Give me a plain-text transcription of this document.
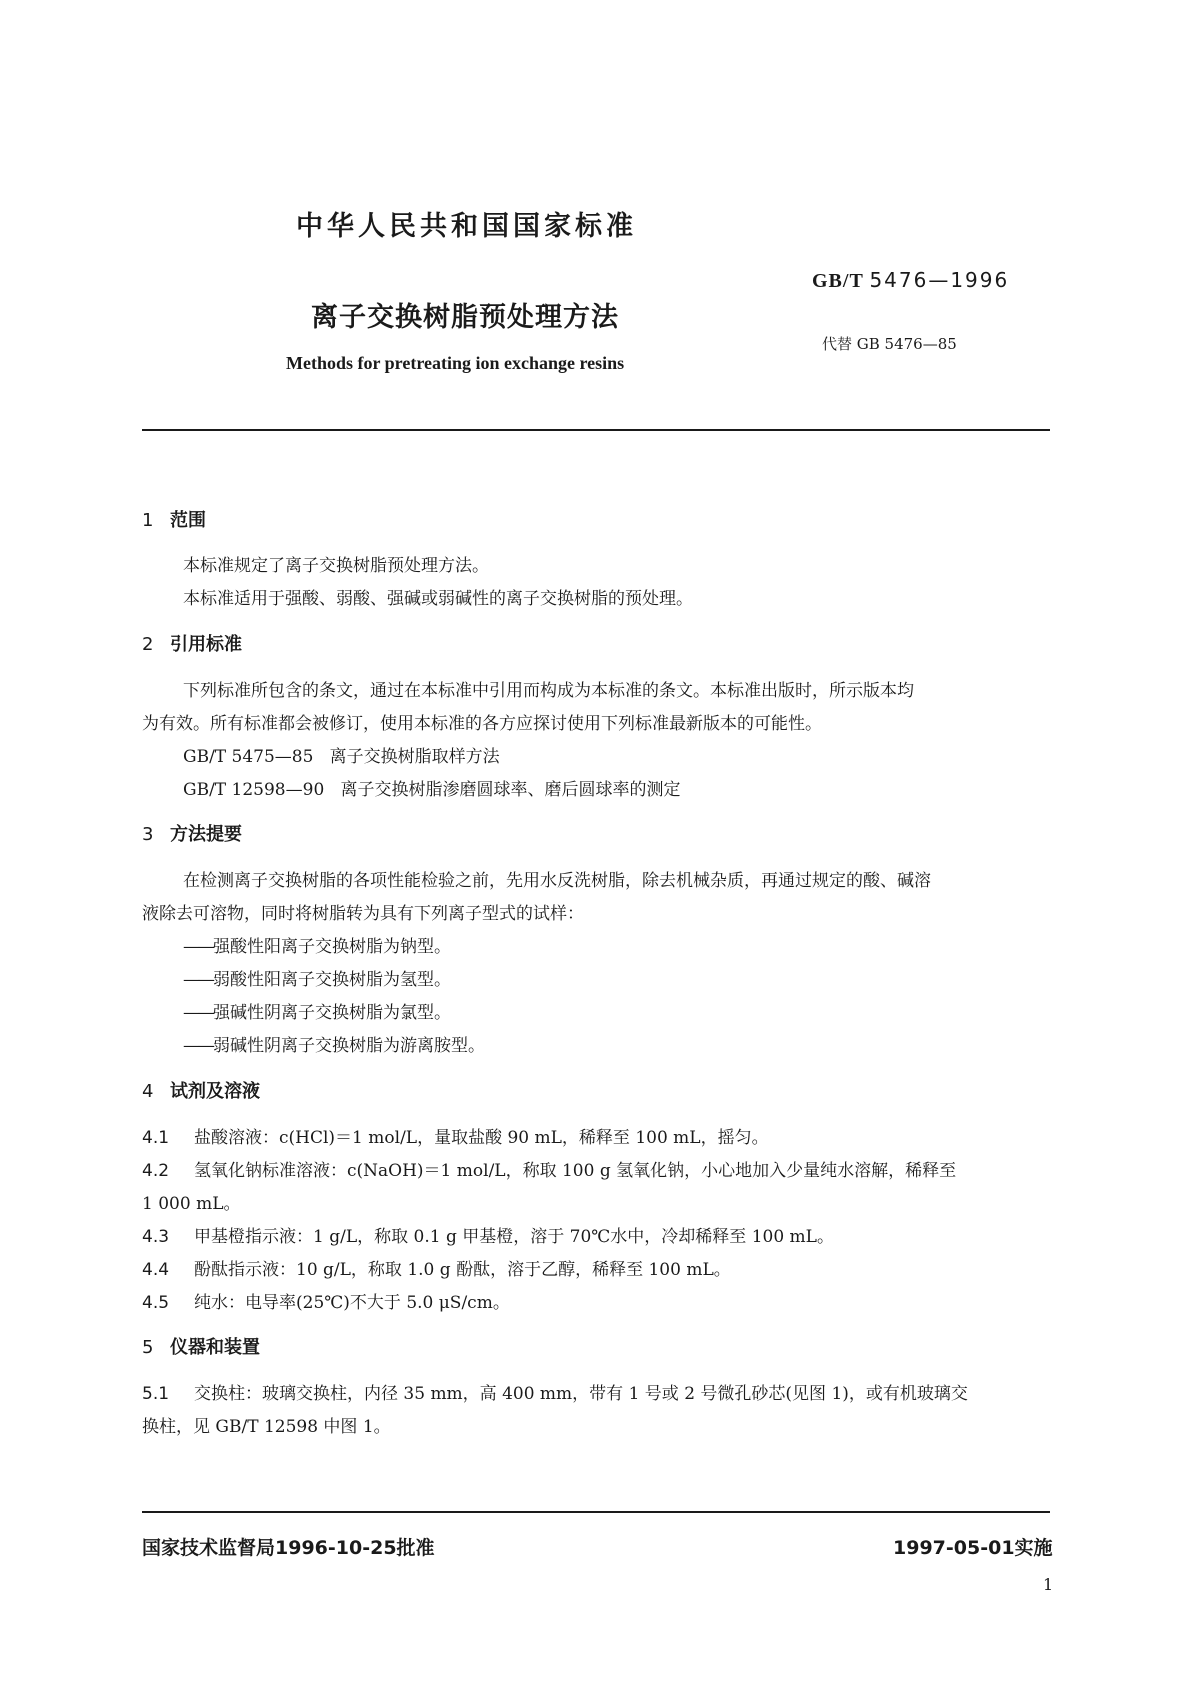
中华人民共和国国家标准
GB/T 5476—1996
离子交换树脂预处理方法
代替 GB 5476—85
Methods for pretreating ion exchange resins
1 范围
本标准规定了离子交换树脂预处理方法。
本标准适用于强酸、弱酸、强碱或弱碱性的离子交换树脂的预处理。
2 引用标准
下列标准所包含的条文，通过在本标准中引用而构成为本标准的条文。本标准出版时，所示版本均
为有效。所有标准都会被修订，使用本标准的各方应探讨使用下列标准最新版本的可能性。
GB/T 5475—85 离子交换树脂取样方法
GB/T 12598—90 离子交换树脂渗磨圆球率、磨后圆球率的测定
3 方法提要
在检测离子交换树脂的各项性能检验之前，先用水反洗树脂，除去机械杂质，再通过规定的酸、碱溶
液除去可溶物，同时将树脂转为具有下列离子型式的试样：
——强酸性阳离子交换树脂为钠型。
——弱酸性阳离子交换树脂为氢型。
——强碱性阴离子交换树脂为氯型。
——弱碱性阴离子交换树脂为游离胺型。
4 试剂及溶液
4.1 盐酸溶液：c(HCl)＝1 mol/L，量取盐酸 90 mL，稀释至 100 mL，摇匀。
4.2 氢氧化钠标准溶液：c(NaOH)＝1 mol/L，称取 100 g 氢氧化钠，小心地加入少量纯水溶解，稀释至
1 000 mL。
4.3 甲基橙指示液：1 g/L，称取 0.1 g 甲基橙，溶于 70℃水中，冷却稀释至 100 mL。
4.4 酚酞指示液：10 g/L，称取 1.0 g 酚酞，溶于乙醇，稀释至 100 mL。
4.5 纯水：电导率(25℃)不大于 5.0 μS/cm。
5 仪器和装置
5.1 交换柱：玻璃交换柱，内径 35 mm，高 400 mm，带有 1 号或 2 号微孔砂芯(见图 1)，或有机玻璃交
换柱，见 GB/T 12598 中图 1。
国家技术监督局1996-10-25批准	1997-05-01实施
1
